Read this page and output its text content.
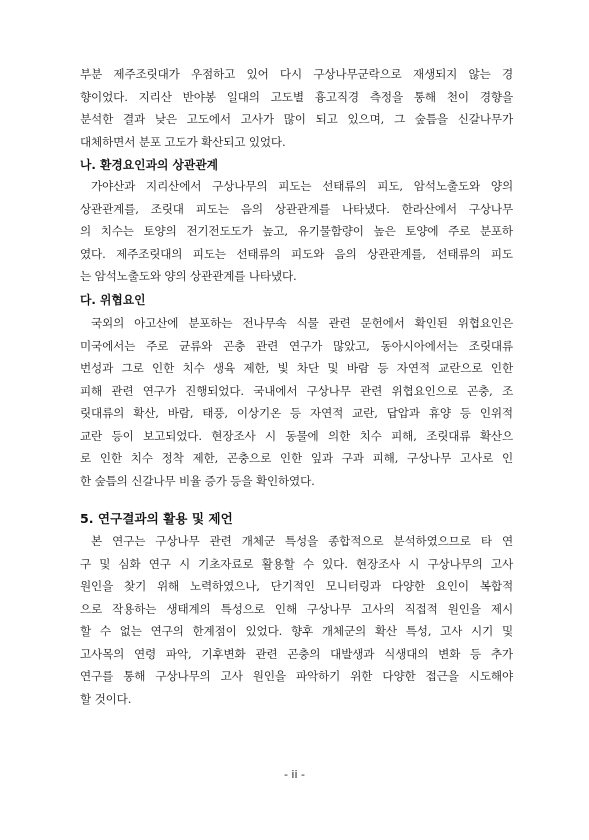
부분 제주조릿대가 우점하고 있어 다시 구상나무군락으로 재생되지 않는 경

향이었다. 지리산 반야봉 일대의 고도별 흉고직경 측정을 통해 천이 경향을

분석한 결과 낮은 고도에서 고사가 많이 되고 있으며, 그 숲틈을 신갈나무가

대체하면서 분포 고도가 확산되고 있었다.

나. 환경요인과의 상관관계

가야산과 지리산에서 구상나무의 피도는 선태류의 피도, 암석노출도와 양의

상관관계를, 조릿대 피도는 음의 상관관계를 나타냈다. 한라산에서 구상나무

의 치수는 토양의 전기전도도가 높고, 유기물함량이 높은 토양에 주로 분포하

였다. 제주조릿대의 피도는 선태류의 피도와 음의 상관관계를, 선태류의 피도

는 암석노출도와 양의 상관관계를 나타냈다.

다. 위협요인

국외의 아고산에 분포하는 전나무속 식물 관련 문헌에서 확인된 위협요인은

미국에서는 주로 균류와 곤충 관련 연구가 많았고, 동아시아에서는 조릿대류

번성과 그로 인한 치수 생육 제한, 빛 차단 및 바람 등 자연적 교란으로 인한

피해 관련 연구가 진행되었다. 국내에서 구상나무 관련 위협요인으로 곤충, 조

릿대류의 확산, 바람, 태풍, 이상기온 등 자연적 교란, 답압과 휴양 등 인위적

교란 등이 보고되었다. 현장조사 시 동물에 의한 치수 피해, 조릿대류 확산으

로 인한 치수 정착 제한, 곤충으로 인한 잎과 구과 피해, 구상나무 고사로 인

한 숲틈의 신갈나무 비율 증가 등을 확인하였다.

5. 연구결과의 활용 및 제언

본 연구는 구상나무 관련 개체군 특성을 종합적으로 분석하였으므로 타 연

구 및 심화 연구 시 기초자료로 활용할 수 있다. 현장조사 시 구상나무의 고사

원인을 찾기 위해 노력하였으나, 단기적인 모니터링과 다양한 요인이 복합적

으로 작용하는 생태계의 특성으로 인해 구상나무 고사의 직접적 원인을 제시

할 수 없는 연구의 한계점이 있었다. 향후 개체군의 확산 특성, 고사 시기 및

고사목의 연령 파악, 기후변화 관련 곤충의 대발생과 식생대의 변화 등 추가

연구를 통해 구상나무의 고사 원인을 파악하기 위한 다양한 접근을 시도해야

할 것이다.

- ii -
